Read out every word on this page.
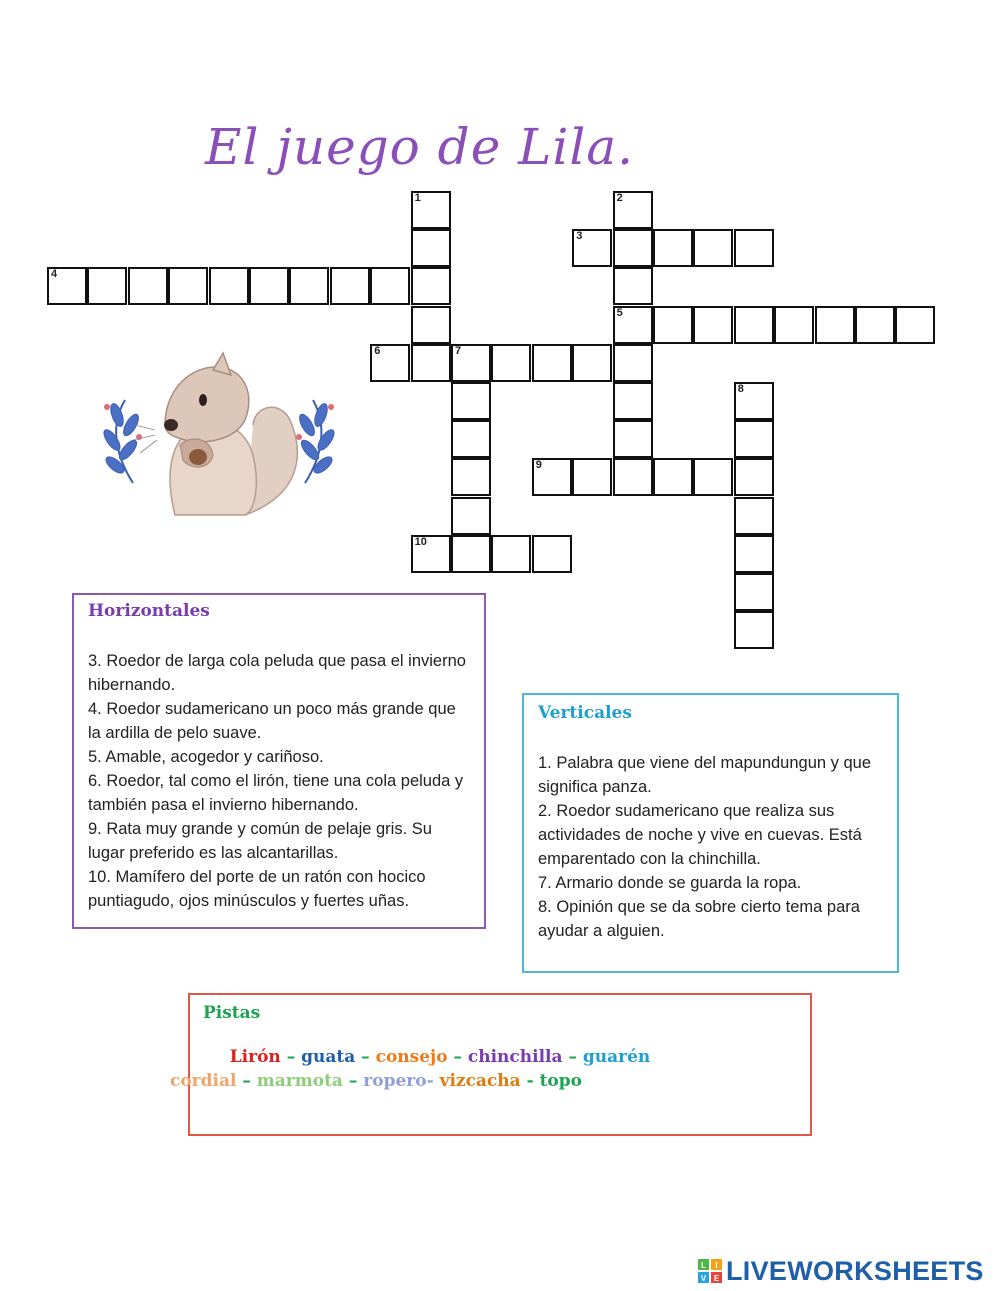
El juego de Lila.
1	2
3
4
5
6	7
8
9
10
Horizontales
3. Roedor de larga cola peluda que pasa el invierno hibernando.
4. Roedor sudamericano un poco más grande que la ardilla de pelo suave.
5. Amable, acogedor y cariñoso.
6. Roedor, tal como el lirón, tiene una cola peluda y también pasa el invierno hibernando.
9. Rata muy grande y común de pelaje gris. Su lugar preferido es las alcantarillas.
10. Mamífero del porte de un ratón con hocico puntiagudo, ojos minúsculos y fuertes uñas.
Verticales
1. Palabra que viene del mapundungun y que significa panza.
2. Roedor sudamericano que realiza sus actividades de noche y vive en cuevas. Está emparentado con la chinchilla.
7. Armario donde se guarda la ropa.
8. Opinión que se da sobre cierto tema para ayudar a alguien.
Pistas
Lirón – guata – consejo – chinchilla – guarén
cordial – marmota – ropero- vizcacha - topo
L I
V E LIVEWORKSHEETS
